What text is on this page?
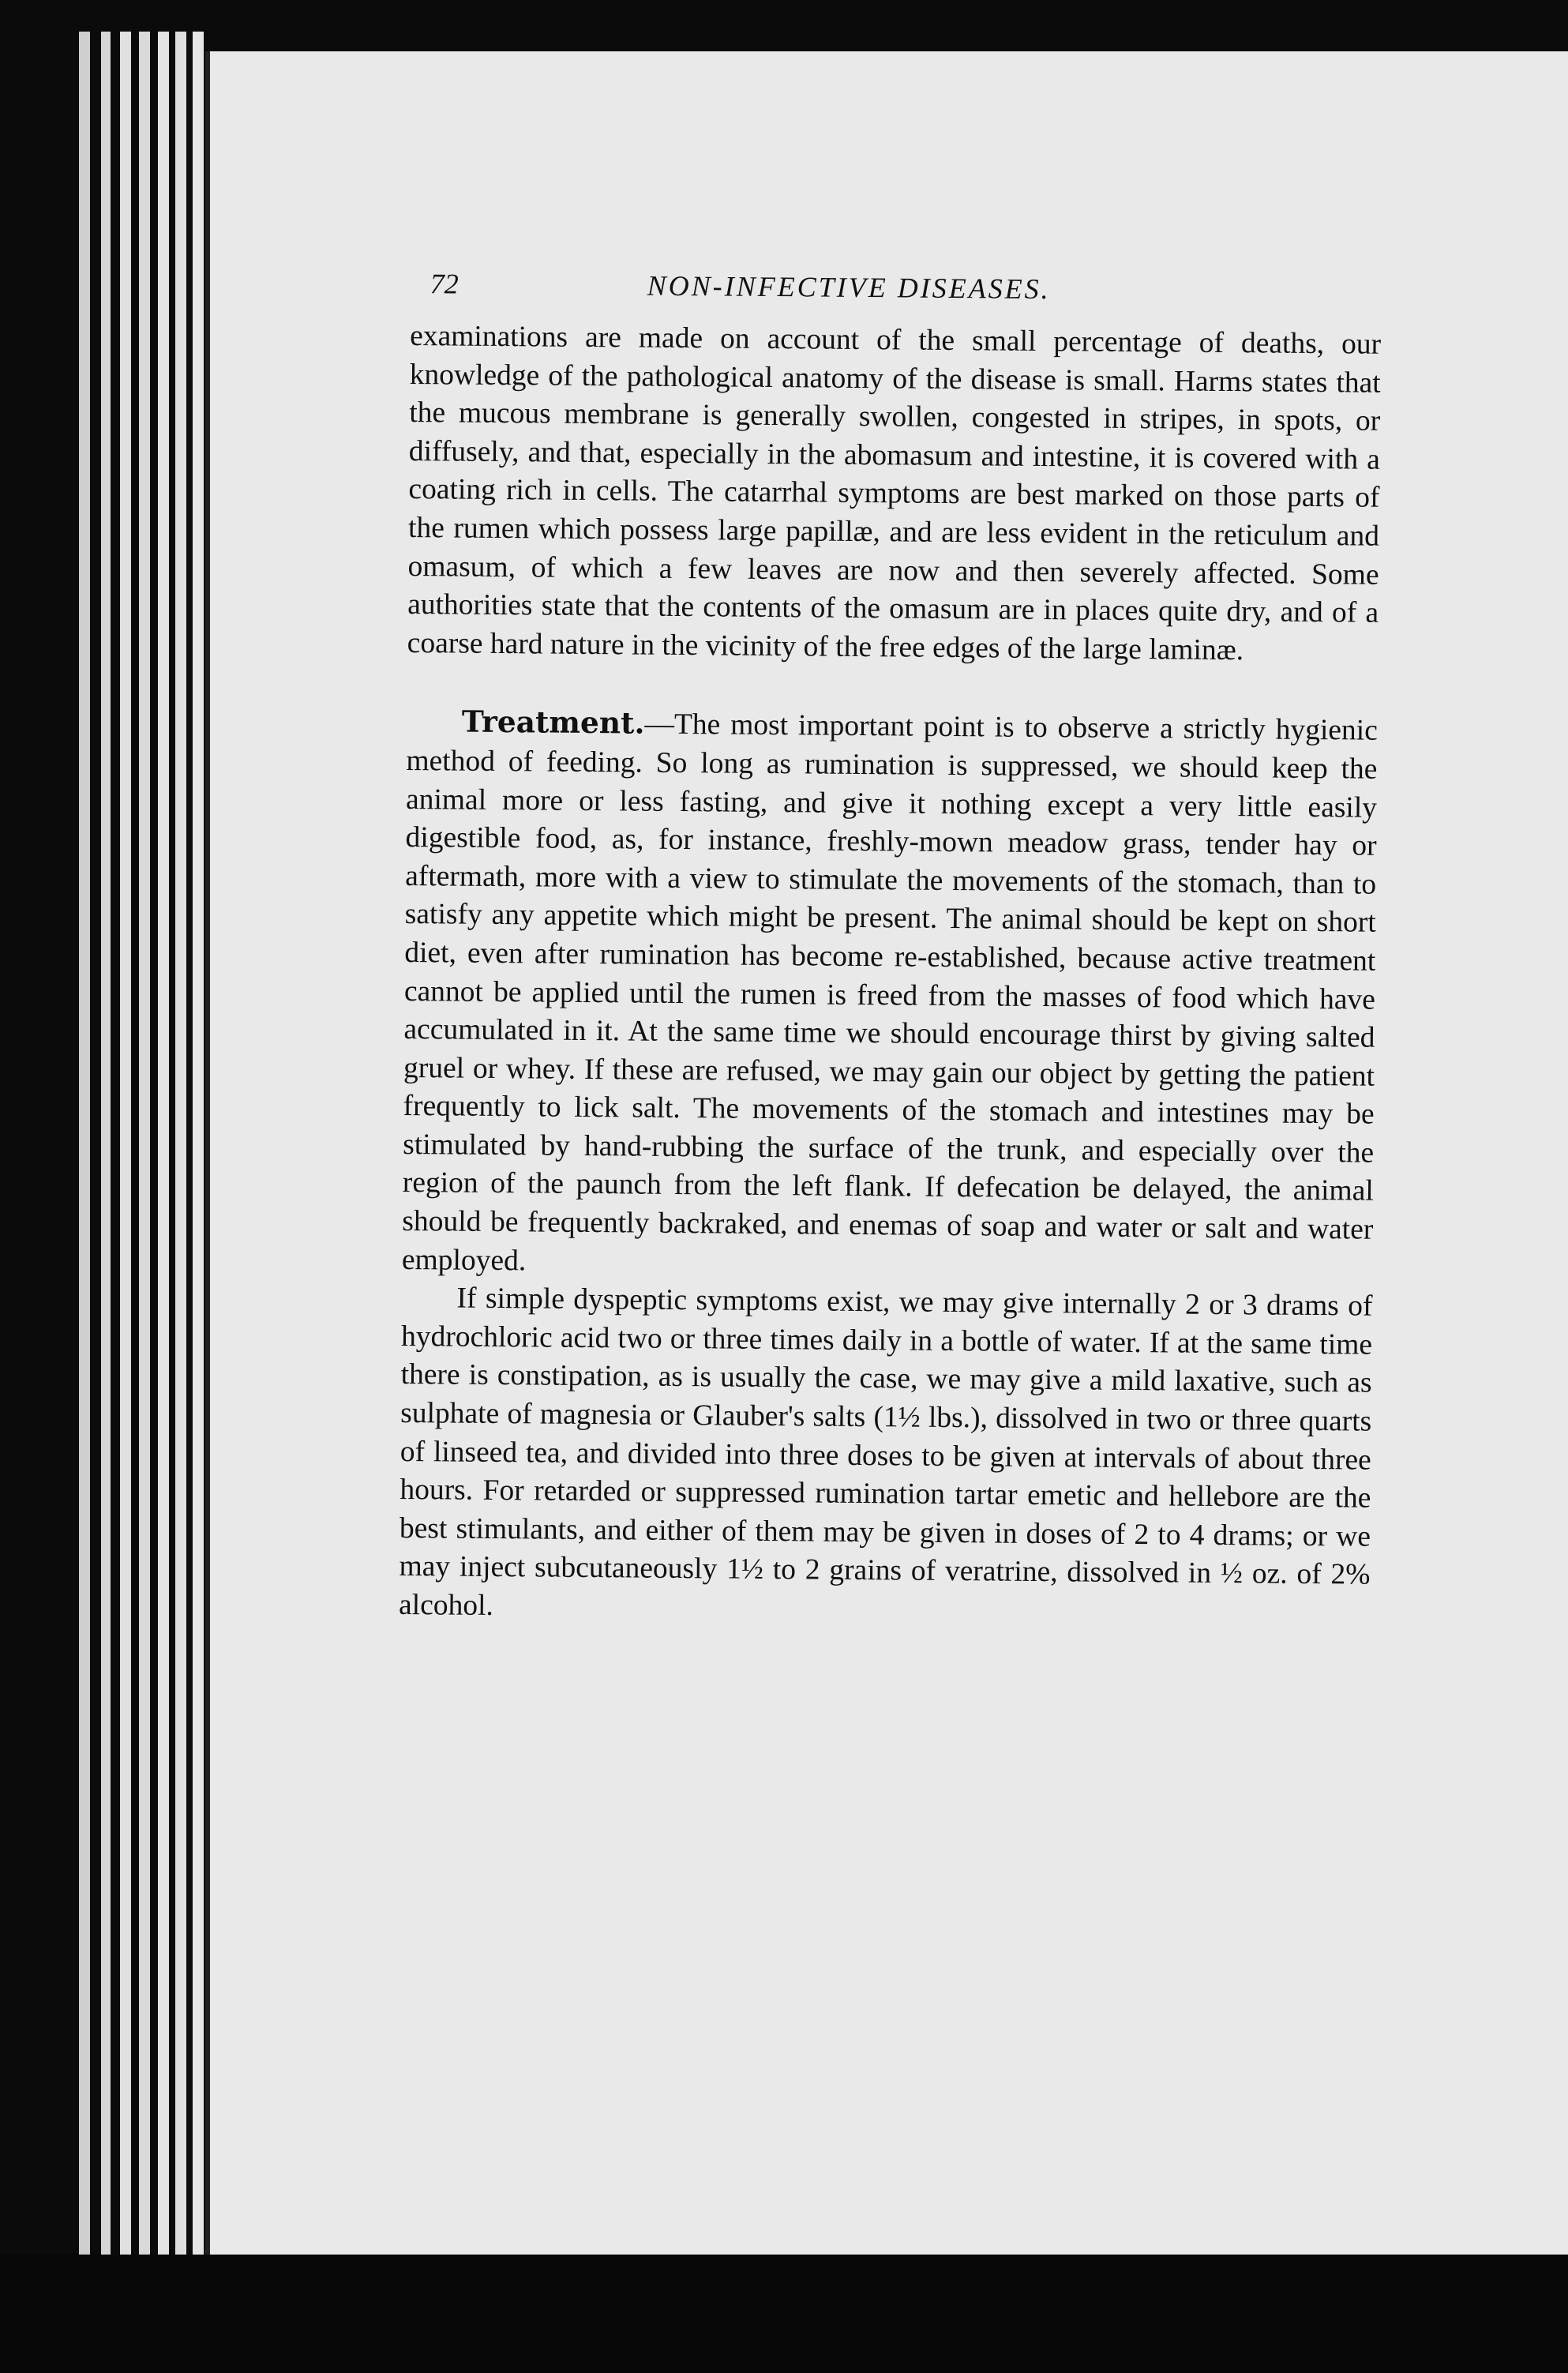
72	NON-INFECTIVE DISEASES.

examinations are made on account of the small percentage of deaths, our knowledge of the pathological anatomy of the disease is small. Harms states that the mucous membrane is generally swollen, congested in stripes, in spots, or diffusely, and that, especially in the abomasum and intestine, it is covered with a coating rich in cells. The catarrhal symptoms are best marked on those parts of the rumen which possess large papillæ, and are less evident in the reticulum and omasum, of which a few leaves are now and then severely affected. Some authorities state that the contents of the omasum are in places quite dry, and of a coarse hard nature in the vicinity of the free edges of the large laminæ.

Treatment.—The most important point is to observe a strictly hygienic method of feeding. So long as rumination is suppressed, we should keep the animal more or less fasting, and give it nothing except a very little easily digestible food, as, for instance, freshly-mown meadow grass, tender hay or aftermath, more with a view to stimulate the movements of the stomach, than to satisfy any appetite which might be present. The animal should be kept on short diet, even after rumination has become re-established, because active treatment cannot be applied until the rumen is freed from the masses of food which have accumulated in it. At the same time we should encourage thirst by giving salted gruel or whey. If these are refused, we may gain our object by getting the patient frequently to lick salt. The movements of the stomach and intestines may be stimulated by hand-rubbing the surface of the trunk, and especially over the region of the paunch from the left flank. If defecation be delayed, the animal should be frequently backraked, and enemas of soap and water or salt and water employed.

If simple dyspeptic symptoms exist, we may give internally 2 or 3 drams of hydrochloric acid two or three times daily in a bottle of water. If at the same time there is constipation, as is usually the case, we may give a mild laxative, such as sulphate of magnesia or Glauber's salts (1½ lbs.), dissolved in two or three quarts of linseed tea, and divided into three doses to be given at intervals of about three hours. For retarded or suppressed rumination tartar emetic and hellebore are the best stimulants, and either of them may be given in doses of 2 to 4 drams; or we may inject subcutaneously 1½ to 2 grains of veratrine, dissolved in ½ oz. of 2% alcohol.
